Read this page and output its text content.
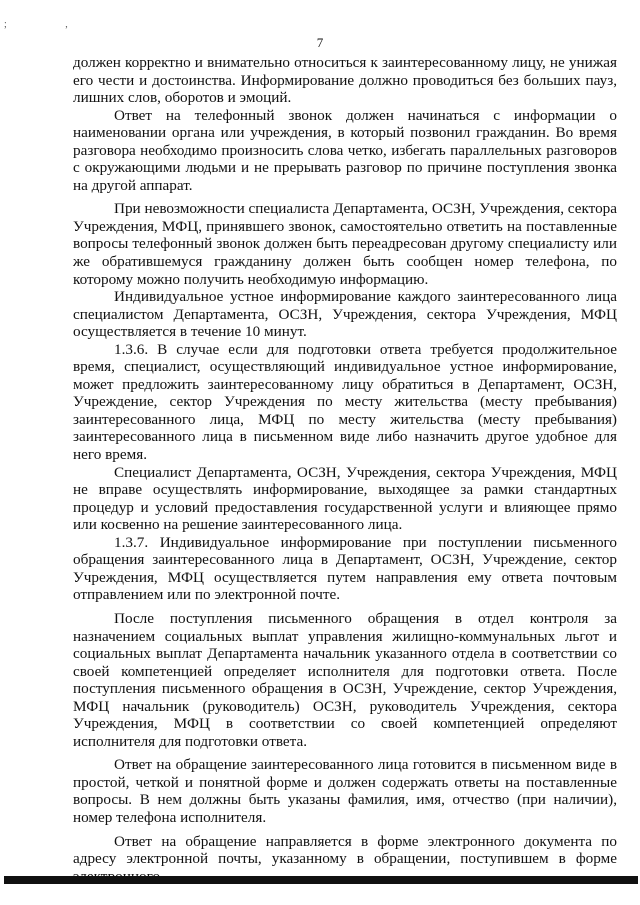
; ,
7

должен корректно и внимательно относиться к заинтересованному лицу, не унижая его чести и достоинства. Информирование должно проводиться без больших пауз, лишних слов, оборотов и эмоций.

Ответ на телефонный звонок должен начинаться с информации о наименовании органа или учреждения, в который позвонил гражданин. Во время разговора необходимо произносить слова четко, избегать параллельных разговоров с окружающими людьми и не прерывать разговор по причине поступления звонка на другой аппарат.

При невозможности специалиста Департамента, ОСЗН, Учреждения, сектора Учреждения, МФЦ, принявшего звонок, самостоятельно ответить на поставленные вопросы телефонный звонок должен быть переадресован другому специалисту или же обратившемуся гражданину должен быть сообщен номер телефона, по которому можно получить необходимую информацию.

Индивидуальное устное информирование каждого заинтересованного лица специалистом Департамента, ОСЗН, Учреждения, сектора Учреждения, МФЦ осуществляется в течение 10 минут.

1.3.6. В случае если для подготовки ответа требуется продолжительное время, специалист, осуществляющий индивидуальное устное информирование, может предложить заинтересованному лицу обратиться в Департамент, ОСЗН, Учреждение, сектор Учреждения по месту жительства (месту пребывания) заинтересованного лица, МФЦ по месту жительства (месту пребывания) заинтересованного лица в письменном виде либо назначить другое удобное для него время.

Специалист Департамента, ОСЗН, Учреждения, сектора Учреждения, МФЦ не вправе осуществлять информирование, выходящее за рамки стандартных процедур и условий предоставления государственной услуги и влияющее прямо или косвенно на решение заинтересованного лица.

1.3.7. Индивидуальное информирование при поступлении письменного обращения заинтересованного лица в Департамент, ОСЗН, Учреждение, сектор Учреждения, МФЦ осуществляется путем направления ему ответа почтовым отправлением или по электронной почте.

После поступления письменного обращения в отдел контроля за назначением социальных выплат управления жилищно-коммунальных льгот и социальных выплат Департамента начальник указанного отдела в соответствии со своей компетенцией определяет исполнителя для подготовки ответа. После поступления письменного обращения в ОСЗН, Учреждение, сектор Учреждения, МФЦ начальник (руководитель) ОСЗН, руководитель Учреждения, сектора Учреждения, МФЦ в соответствии со своей компетенцией определяют исполнителя для подготовки ответа.

Ответ на обращение заинтересованного лица готовится в письменном виде в простой, четкой и понятной форме и должен содержать ответы на поставленные вопросы. В нем должны быть указаны фамилия, имя, отчество (при наличии), номер телефона исполнителя.

Ответ на обращение направляется в форме электронного документа по адресу электронной почты, указанному в обращении, поступившем в форме
